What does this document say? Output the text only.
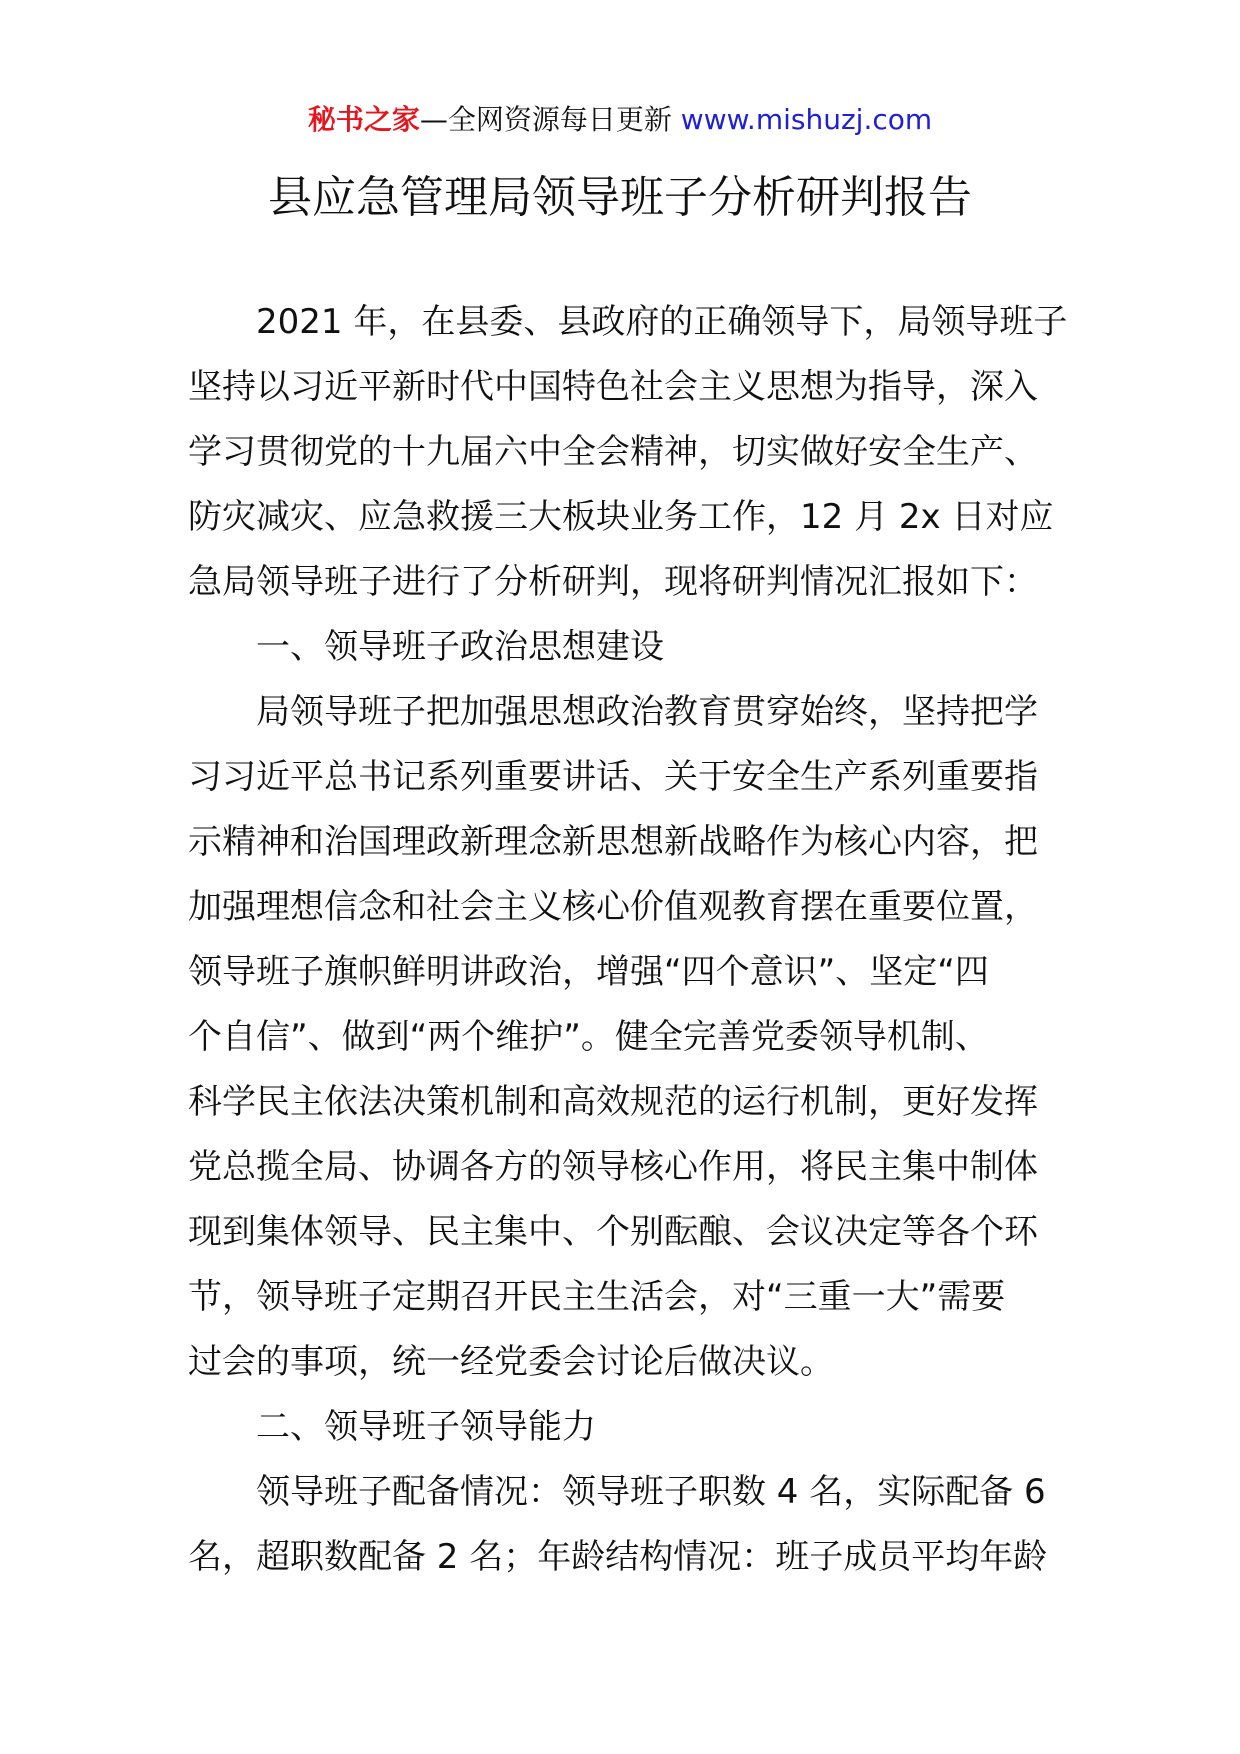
秘书之家—全网资源每日更新 www.mishuzj.com
县应急管理局领导班子分析研判报告
2021 年，在县委、县政府的正确领导下，局领导班子
坚持以习近平新时代中国特色社会主义思想为指导，深入
学习贯彻党的十九届六中全会精神，切实做好安全生产、
防灾减灾、应急救援三大板块业务工作，12 月 2x 日对应
急局领导班子进行了分析研判，现将研判情况汇报如下：
一、领导班子政治思想建设
局领导班子把加强思想政治教育贯穿始终，坚持把学
习习近平总书记系列重要讲话、关于安全生产系列重要指
示精神和治国理政新理念新思想新战略作为核心内容，把
加强理想信念和社会主义核心价值观教育摆在重要位置，
领导班子旗帜鲜明讲政治，增强“四个意识”、坚定“四
个自信”、做到“两个维护”。健全完善党委领导机制、
科学民主依法决策机制和高效规范的运行机制，更好发挥
党总揽全局、协调各方的领导核心作用，将民主集中制体
现到集体领导、民主集中、个别酝酿、会议决定等各个环
节，领导班子定期召开民主生活会，对“三重一大”需要
过会的事项，统一经党委会讨论后做决议。
二、领导班子领导能力
领导班子配备情况：领导班子职数 4 名，实际配备 6
名，超职数配备 2 名；年龄结构情况：班子成员平均年龄
